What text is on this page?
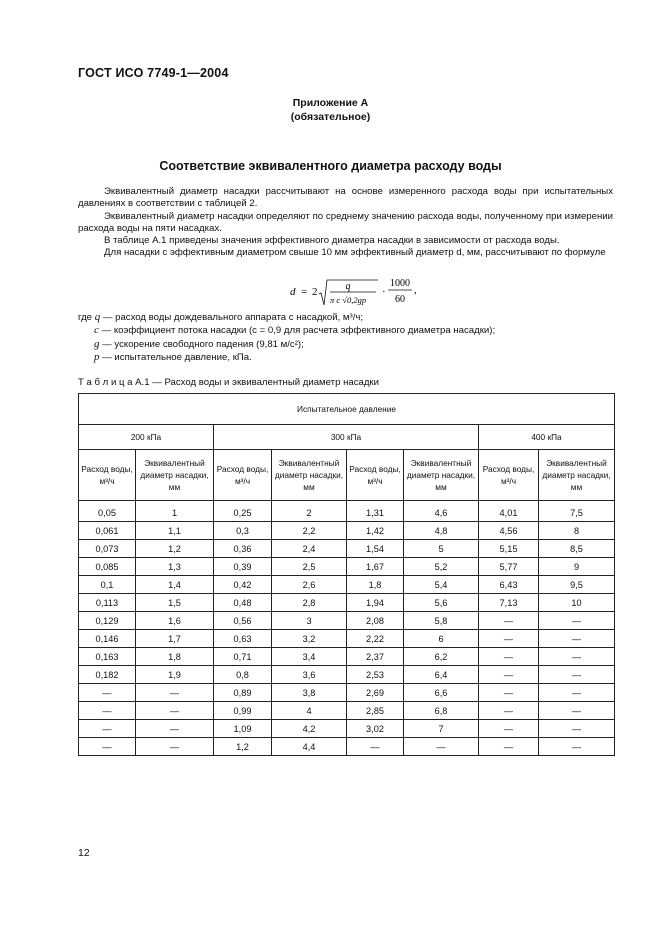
ГОСТ ИСО 7749-1—2004
Приложение А
(обязательное)
Соответствие эквивалентного диаметра расходу воды

Эквивалентный диаметр насадки рассчитывают на основе измеренного расхода воды при испытательных давлениях в соответствии с таблицей 2.

Эквивалентный диаметр насадки определяют по среднему значению расхода воды, полученному при измерении расхода воды на пяти насадках.

В таблице А.1 приведены значения эффективного диаметра насадки в зависимости от расхода воды.

Для насадки с эффективным диаметром свыше 10 мм эффективный диаметр d, мм, рассчитывают по формуле

d = 2	q
π c √0,2gp
·
1000
60
,
где q — расход воды дождевального аппарата с насадкой, м³/ч;
c — коэффициент потока насадки (c = 0,9 для расчета эффективного диаметра насадки);
g — ускорение свободного падения (9,81 м/с²);
p — испытательное давление, кПа.
Т а б л и ц а А.1 — Расход воды и эквивалентный диаметр насадки
Испытательное давление							
200 кПа		300 кПа				400 кПа	
Расход воды, м³/ч	Эквивалентный диаметр насадки, мм	Расход воды, м³/ч	Эквивалентный диаметр насадки, мм	Расход воды, м³/ч	Эквивалентный диаметр насадки, мм	Расход воды, м³/ч	Эквивалентный диаметр насадки, мм
0,05	1	0,25	2	1,31	4,6	4,01	7,5
0,061	1,1	0,3	2,2	1,42	4,8	4,56	8
0,073	1,2	0,36	2,4	1,54	5	5,15	8,5
0,085	1,3	0,39	2,5	1,67	5,2	5,77	9
0,1	1,4	0,42	2,6	1,8	5,4	6,43	9,5
0,113	1,5	0,48	2,8	1,94	5,6	7,13	10
0,129	1,6	0,56	3	2,08	5,8	—	—
0,146	1,7	0,63	3,2	2,22	6	—	—
0,163	1,8	0,71	3,4	2,37	6,2	—	—
0,182	1,9	0,8	3,6	2,53	6,4	—	—
—	—	0,89	3,8	2,69	6,6	—	—
—	—	0,99	4	2,85	6,8	—	—
—	—	1,09	4,2	3,02	7	—	—
—	—	1,2	4,4	—	—	—	—
12
